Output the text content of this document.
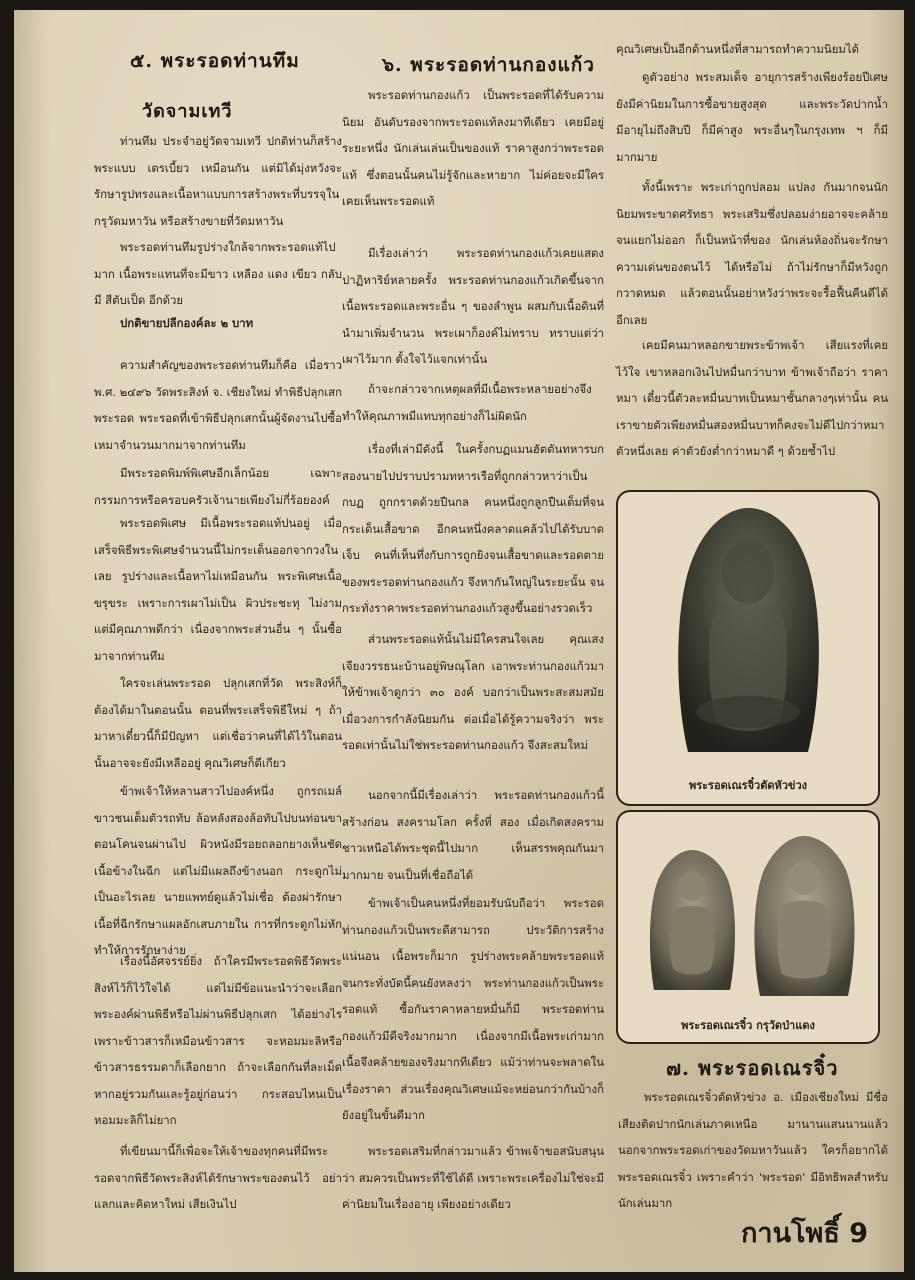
๕. พระรอดท่านทึม
วัดจามเทวี

ท่านทึม ประจำอยู่วัดจามเทวี ปกติท่านก็สร้างพระแบบ เตรเบี้ยว เหมือนกัน แต่มิได้มุ่งหวังจะรักษารูปทรงและเนื้อหาแบบการสร้างพระที่บรรจุในกรุวัดมหาวัน หรือสร้างขายที่วัดมหาวัน

พระรอดท่านทึมรูปร่างใกล้จากพระรอดแท้ไปมาก เนื้อพระแทนที่จะมีขาว เหลือง แดง เขียว กลับมี สีตับเป็ด อีกด้วย

ปกติขายปลีกองค์ละ ๒ บาท

ความสำคัญของพระรอดท่านทึมก็คือ เมื่อราว พ.ศ. ๒๔๙๖ วัดพระสิงห์ จ. เชียงใหม่ ทำพิธีปลุกเสกพระรอด พระรอดที่เข้าพิธีปลุกเสกนั้นผู้จัดงานไปซื้อเหมาจำนวนมากมาจากท่านทึม

มีพระรอดพิมพ์พิเศษอีกเล็กน้อย เฉพาะกรรมการหรือครอบครัวเจ้านายเพียงไม่กี่ร้อยองค์

พระรอดพิเศษ มีเนื้อพระรอดแท้ปนอยู่ เมื่อเสร็จพิธีพระพิเศษจำนวนนี้ไม่กระเด็นออกจากวงในเลย รูปร่างและเนื้อหาไม่เหมือนกัน พระพิเศษเนื้อขรุขระ เพราะการเผาไม่เป็น ผิวประชะทุ ไม่งาม แต่มีคุณภาพดีกว่า เนื่องจากพระส่วนอื่น ๆ นั้นซื้อมาจากท่านทึม

ใครจะเล่นพระรอด ปลุกเสกที่วัด พระสิงห์ก็ต้องได้มาในตอนนั้น ตอนที่พระเสร็จพิธีใหม่ ๆ ถ้ามาหาเดี๋ยวนี้ก็มีปัญหา แต่เชื่อว่าคนที่ได้ไว้ในตอนนั้นอาจจะยังมีเหลืออยู่ คุณวิเศษก็ดีเกียว

ข้าพเจ้าให้หลานสาวไปองค์หนึ่ง ถูกรถเมล์ขาวชนเต็มตัวรถทับ ล้อหลังสองล้อทับไปบนท่อนขาตอนโคนจนผ่านไป ผิวหนังมีรอยถลอกยางเห็นชัดเนื้อข้างในฉีก แต่ไม่มีแผลถึงข้างนอก กระดูกไม่เป็นอะไรเลย นายแพทย์ดูแล้วไม่เชื่อ ต้องผ่ารักษาเนื้อที่ฉีกรักษาแผลอักเสบภายใน การที่กระดูกไม่หักทำให้การรักษาง่าย

เรื่องนี้อัศจรรย์ยิ่ง ถ้าใครมีพระรอดพิธีวัดพระสิงห์ไว้ก็ไว้ใจได้ แต่ไม่มีข้อแนะนำว่าจะเลือกพระองค์ผ่านพิธีหรือไม่ผ่านพิธีปลุกเสก ได้อย่างไร เพราะข้าวสารก็เหมือนข้าวสาร จะหอมมะลิหรือข้าวสารธรรมดาก็เลือกยาก ถ้าจะเลือกกันที่ละเม็ดหากอยู่รวมกันและรู้อยู่ก่อนว่า กระสอบไหนเป็นหอมมะลิก็ไม่ยาก

ที่เขียนมานี้ก็เพื่อจะให้เจ้าของทุกคนที่มีพระรอดจากพิธีวัดพระสิงห์ได้รักษาพระของตนไว้ อย่าแลกและคิดหาใหม่ เสียเงินไป

๖. พระรอดท่านกองแก้ว

พระรอดท่านกองแก้ว เป็นพระรอดที่ได้รับความนิยม อันดับรองจากพระรอดแท้ลงมาทีเดียว เคยมีอยู่ระยะหนึ่ง นักเล่นเล่นเป็นของแท้ ราคาสูงกว่าพระรอดแท้ ซึ่งตอนนั้นคนไม่รู้จักและหายาก ไม่ค่อยจะมีใครเคยเห็นพระรอดแท้

มีเรื่องเล่าว่า พระรอดท่านกองแก้วเคยแสดงปาฏิหาริย์หลายครั้ง พระรอดท่านกองแก้วเกิดขึ้นจากเนื้อพระรอดและพระอื่น ๆ ของลำพูน ผสมกับเนื้อดินที่นำมาเพิ่มจำนวน พระเผาก็องค์ไม่ทราบ ทราบแต่ว่าเผาไว้มาก ตั้งใจไว้แจกเท่านั้น

ถ้าจะกล่าวจากเหตุผลที่มีเนื้อพระหลายอย่างจึงทำให้คุณภาพมีแทบทุกอย่างก็ไม่ผิดนัก

เรื่องที่เล่ามีดังนี้ ในครั้งกบฏแมนฮัตตันทหารบกสองนายไปปราบปรามทหารเรือที่ถูกกล่าวหาว่าเป็นกบฏ ถูกกราดด้วยปืนกล คนหนึ่งถูกลูกปืนเต็มที่จนกระเด็นเสื้อขาด อีกคนหนึ่งคลาดแคล้วไปได้รับบาดเจ็บ คนที่เห็นทึ่งกับการถูกยิงจนเสื้อขาดและรอดตายของพระรอดท่านกองแก้ว จึงหากันใหญ่ในระยะนั้น จนกระทั่งราคาพระรอดท่านกองแก้วสูงขึ้นอย่างรวดเร็ว

ส่วนพระรอดแท้นั้นไม่มีใครสนใจเลย คุณเสง เจียงวรรธนะบ้านอยู่พิษณุโลก เอาพระท่านกองแก้วมาให้ข้าพเจ้าดูกว่า ๓๐ องค์ บอกว่าเป็นพระสะสมสมัยเมื่อวงการกำลังนิยมกัน ต่อเมื่อได้รู้ความจริงว่า พระรอดเท่านั้นไม่ใช่พระรอดท่านกองแก้ว จึงสะสมใหม่

นอกจากนี้มีเรื่องเล่าว่า พระรอดท่านกองแก้วนี้ สร้างก่อน สงครามโลก ครั้งที่ สอง เมื่อเกิดสงครามชาวเหนือได้พระชุดนี้ไปมาก เห็นสรรพคุณกันมามากมาย จนเป็นที่เชื่อถือได้

ข้าพเจ้าเป็นคนหนึ่งที่ยอมรับนับถือว่า พระรอดท่านกองแก้วเป็นพระดีสามารถ ประวัติการสร้างแน่นอน เนื้อพระก็มาก รูปร่างพระคล้ายพระรอดแท้ จนกระทั่งบัดนี้คนยังหลงว่า พระท่านกองแก้วเป็นพระรอดแท้ ซื้อกันราคาหลายหมื่นก็มี พระรอดท่านกองแก้วมีดีจริงมากมาก เนื่องจากมีเนื้อพระเก่ามาก เนื้อจึงคล้ายของจริงมากทีเดียว แม้ว่าท่านจะพลาดในเรื่องราคา ส่วนเรื่องคุณวิเศษแม้จะหย่อนกว่ากันบ้างก็ยังอยู่ในขั้นดีมาก

พระรอดเสริมที่กล่าวมาแล้ว ข้าพเจ้าขอสนับสนุนว่า สมควรเป็นพระที่ใช้ได้ดี เพราะพระเครื่องไม่ใช่จะมีค่านิยมในเรื่องอายุ เพียงอย่างเดียว

คุณวิเศษเป็นอีกด้านหนึ่งที่สามารถทำความนิยมได้

ดูตัวอย่าง พระสมเด็จ อายุการสร้างเพียงร้อยปีเศษ ยังมีค่านิยมในการซื้อขายสูงสุด และพระวัดปากน้ำ มีอายุไม่ถึงสิบปี ก็มีค่าสูง พระอื่นๆในกรุงเทพ ฯ ก็มีมากมาย

ทั้งนี้เพราะ พระเก่าถูกปลอม แปลง กันมากจนนักนิยมพระขาดศรัทธา พระเสริมซึ่งปลอมง่ายอาจจะคล้ายจนแยกไม่ออก ก็เป็นหน้าที่ของ นักเล่นห้องถิ่นจะรักษาความเด่นของตนไว้ ได้หรือไม่ ถ้าไม่รักษาก็มีหวังถูกกวาดหมด แล้วตอนนั้นอย่าหวังว่าพระจะรื้อฟื้นคืนดีได้อีกเลย

เคยมีคนมาหลอกขายพระข้าพเจ้า เสียแรงที่เคยไว้ใจ เขาหลอกเงินไปหมื่นกว่าบาท ข้าพเจ้าถือว่า ราคาหมา เดี๋ยวนี้ตัวละหมื่นบาทเป็นหมาชั้นกลางๆเท่านั้น คนเราขายตัวเพียงหมื่นสองหมื่นบาทก็คงจะไม่ดีไปกว่าหมาตัวหนึ่งเลย ค่าตัวยังต่ำกว่าหมาดี ๆ ด้วยซ้ำไป

พระรอดเณรจิ๋วตัดหัวข่วง
พระรอดเณรจิ๋ว กรุวัดป่าแดง
๗. พระรอดเณรจิ๋ว

พระรอดเณรจิ๋วตัดหัวข่วง อ. เมืองเชียงใหม่ มีชื่อเสียงติดปากนักเล่นภาคเหนือ มานานแสนนานแล้ว นอกจากพระรอดเก่าของวัดมหาวันแล้ว ใครก็อยากได้ พระรอดเณรจิ๋ว เพราะคำว่า 'พระรอด' มีอิทธิพลสำหรับนักเล่นมาก

กานโพธิ์ 9
